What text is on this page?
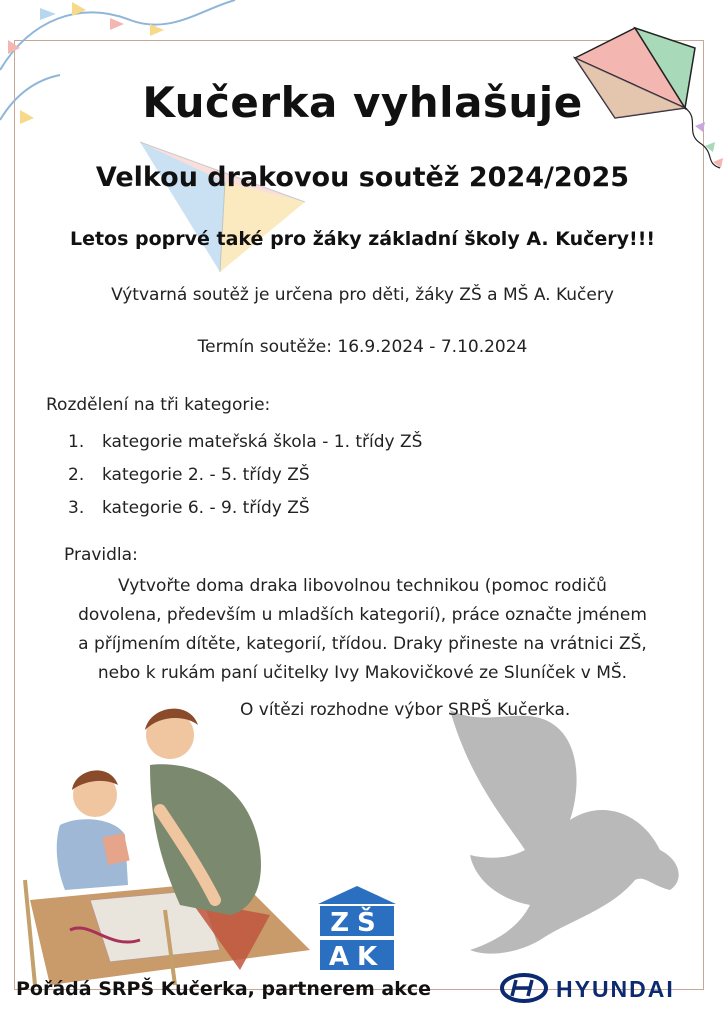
Kučerka vyhlašuje
Velkou drakovou soutěž 2024/2025
Letos poprvé také pro žáky základní školy A. Kučery!!!
Výtvarná soutěž je určena pro děti, žáky ZŠ a MŠ A. Kučery
Termín soutěže: 16.9.2024 - 7.10.2024
Rozdělení na tři kategorie:
1. kategorie mateřská škola - 1. třídy ZŠ
2. kategorie 2. - 5. třídy ZŠ
3. kategorie 6. - 9. třídy ZŠ
Pravidla:
Vytvořte doma draka libovolnou technikou (pomoc rodičů
dovolena, především u mladších kategorií), práce označte jménem
a příjmením dítěte, kategorií, třídou. Draky přineste na vrátnici ZŠ,
nebo k rukám paní učitelky Ivy Makovičkové ze Sluníček v MŠ.
O vítězi rozhodne výbor SRPŠ Kučerka.
ZŠ
AK
HYUNDAI
Pořádá SRPŠ Kučerka, partnerem akce
